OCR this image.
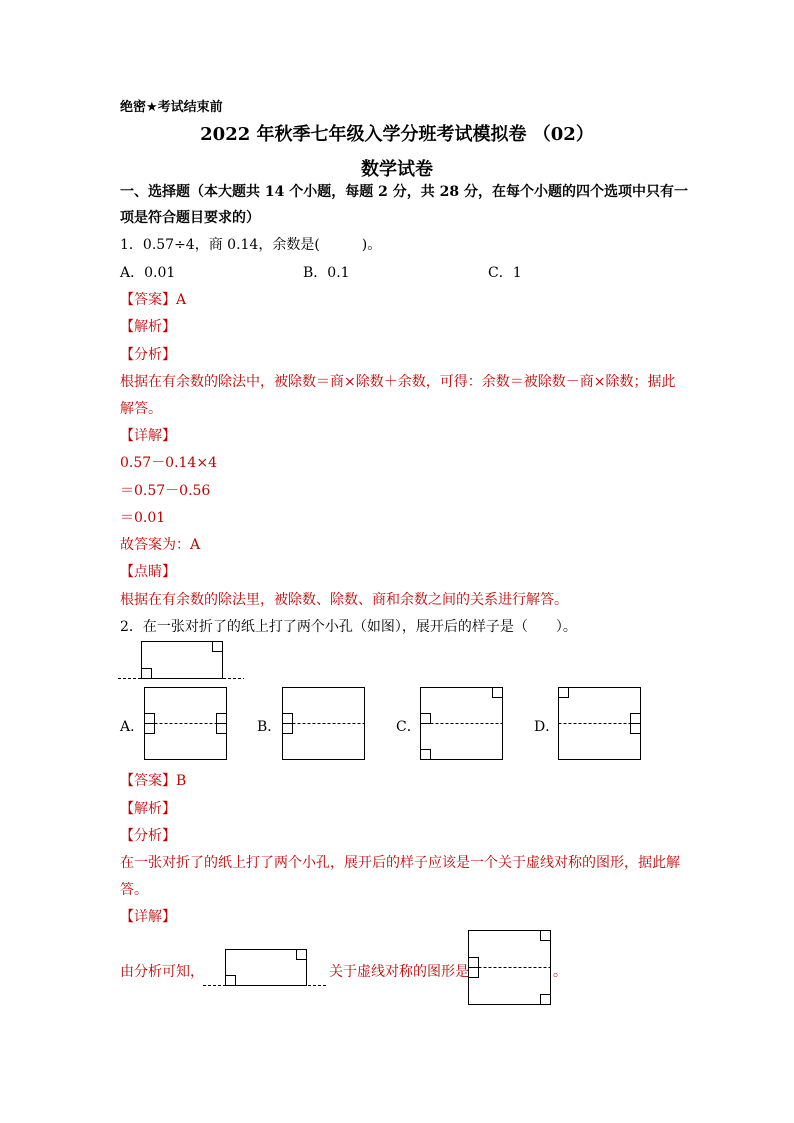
绝密★考试结束前
2022 年秋季七年级入学分班考试模拟卷 （02）
数学试卷
一、选择题（本大题共 14 个小题，每题 2 分，共 28 分，在每个小题的四个选项中只有一
项是符合题目要求的）
1．0.57÷4，商 0.14，余数是(　　　)。
A．0.01	B．0.1	C．1
【答案】A
【解析】
【分析】
根据在有余数的除法中，被除数＝商×除数＋余数，可得：余数＝被除数－商×除数；据此
解答。
【详解】
0.57－0.14×4
＝0.57－0.56
＝0.01
故答案为：A
【点睛】
根据在有余数的除法里，被除数、除数、商和余数之间的关系进行解答。
2．在一张对折了的纸上打了两个小孔（如图），展开后的样子是（　　）。
A．	B．	C．	D．
【答案】B
【解析】
【分析】
在一张对折了的纸上打了两个小孔，展开后的样子应该是一个关于虚线对称的图形，据此解
答。
【详解】
由分析可知，	关于虚线对称的图形是	。
